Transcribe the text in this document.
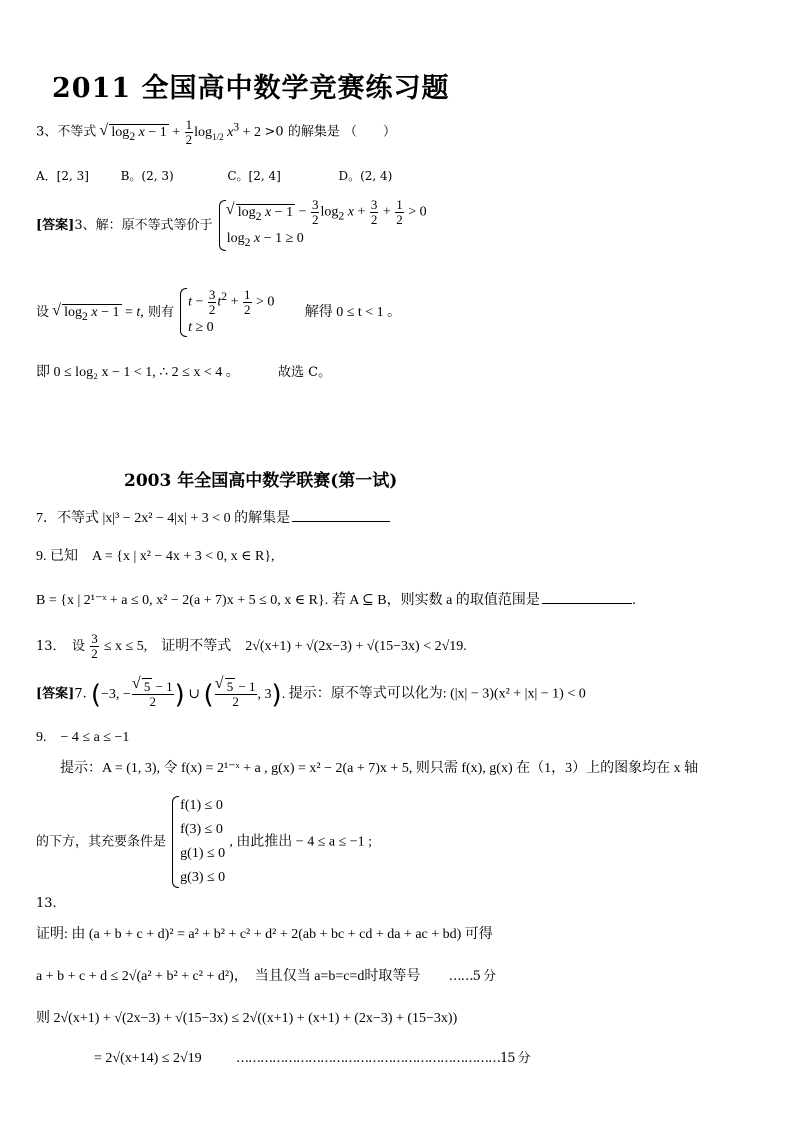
2011 全国高中数学竞赛练习题
3、不等式 √ $\log_2 x - 1 + \frac{1}{2} \log_{1/2} x^3 + 2 >0$ 的解集是 （　　）
A．[2, 3]	B。(2, 3)	C。[2, 4]	D。(2, 4)
[答案]3、解：原不等式等价于
√ $\log_2 x - 1 - \frac{3}{2} \log_2 x + \frac{3}{2} + \frac{1}{2} > 0$
$\log_2 x - 1 \ge 0$
设 √ $\log_2 x - 1 = t$, 则有
$t - \frac{3}{2} t^2 + \frac{1}{2} > 0$
t ≥ 0
解得 0 ≤ t < 1 。
即 0 ≤ log₂ x − 1 < 1, ∴ 2 ≤ x < 4 。	故选 C。
2003 年全国高中数学联赛(第一试)
7．不等式 |x|³ − 2x² − 4|x| + 3 < 0 的解集是
9. 已知　A = {x | x² − 4x + 3 < 0, x ∈ R},
B = {x | 2¹⁻ˣ + a ≤ 0, x² − 2(a + 7)x + 5 ≤ 0, x ∈ R}. 若 A ⊆ B，则实数 a 的取值范围是	.
13．　设 $\frac{3}{2} \le x \le 5$,　证明不等式　2√(x+1) + √(2x−3) + √(15−3x) < 2√19.
[答案]7. (−3, − √ $\frac{5 - 1}{2}$ ) ∪ ( √ $\frac{5 - 1}{2}$ , 3). 提示：原不等式可以化为: (|x| − 3)(x² + |x| − 1) < 0
9.　− 4 ≤ a ≤ −1
提示：A = (1, 3), 令 f(x) = 2¹⁻ˣ + a , g(x) = x² − 2(a + 7)x + 5, 则只需 f(x), g(x) 在（1，3）上的图象均在 x 轴
的下方，其充要条件是
f(1) ≤ 0
f(3) ≤ 0
g(1) ≤ 0
g(3) ≤ 0
, 由此推出 − 4 ≤ a ≤ −1 ;
13.
证明: 由 (a + b + c + d)² = a² + b² + c² + d² + 2(ab + bc + cd + da + ac + bd) 可得
a + b + c + d ≤ 2√(a² + b² + c² + d²)，　当且仅当 a=b=c=d时取等号 ……5 分
则 2√(x+1) + √(2x−3) + √(15−3x) ≤ 2√((x+1) + (x+1) + (2x−3) + (15−3x))
= 2√(x+14) ≤ 2√19	…………………………………………………………15 分
